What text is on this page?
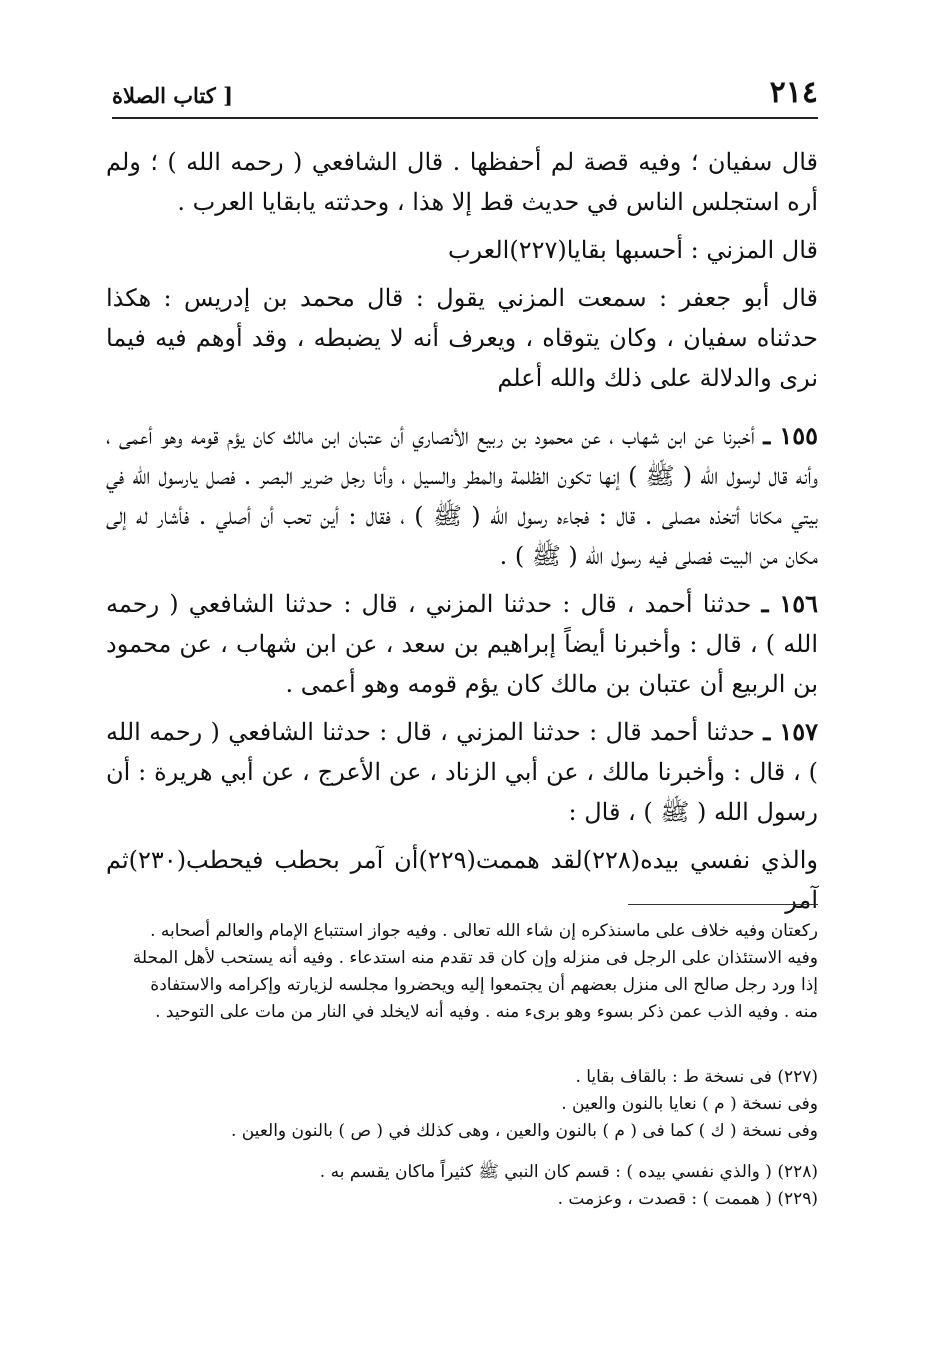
٢١٤
[ كتاب الصلاة

قال سفيان ؛ وفيه قصة لم أحفظها . قال الشافعي ( رحمه الله ) ؛ ولم أره استجلس الناس في حديث قط إلا هذا ، وحدثته يابقايا العرب .

قال المزني : أحسبها بقايا(٢٢٧)العرب

قال أبو جعفر : سمعت المزني يقول : قال محمد بن إدريس : هكذا حدثناه سفيان ، وكان يتوقاه ، ويعرف أنه لا يضبطه ، وقد أوهم فيه فيما نرى والدلالة على ذلك والله أعلم

١٥٥ ـ أخبرنا عن ابن شهاب ، عن محمود بن ربيع الأنصاري أن عتبان ابن مالك كان يؤم قومه وهو أعمى ، وأنه قال لرسول الله ( ﷺ ) إنها تكون الظلمة والمطر والسيل ، وأنا رجل ضرير البصر . فصل يارسول الله في بيتي مكانا أتخذه مصلى . قال : فجاءه رسول الله ( ﷺ ) ، فقال : أين تحب أن أصلي . فأشار له إلى مكان من البيت فصلى فيه رسول الله ( ﷺ ) .

١٥٦ ـ حدثنا أحمد ، قال : حدثنا المزني ، قال : حدثنا الشافعي ( رحمه الله ) ، قال : وأخبرنا أيضاً إبراهيم بن سعد ، عن ابن شهاب ، عن محمود بن الربيع أن عتبان بن مالك كان يؤم قومه وهو أعمى .

١٥٧ ـ حدثنا أحمد قال : حدثنا المزني ، قال : حدثنا الشافعي ( رحمه الله ) ، قال : وأخبرنا مالك ، عن أبي الزناد ، عن الأعرج ، عن أبي هريرة : أن رسول الله ( ﷺ ) ، قال :

والذي نفسي بيده(٢٢٨)لقد هممت(٢٢٩)أن آمر بحطب فيحطب(٢٣٠)ثم آمر

ركعتان وفيه خلاف على ماسنذكره إن شاء الله تعالى . وفيه جواز استتباع الإمام والعالم أصحابه .

وفيه الاستئذان على الرجل فى منزله وإن كان قد تقدم منه استدعاء . وفيه أنه يستحب لأهل المحلة

إذا ورد رجل صالح الى منزل بعضهم أن يجتمعوا إليه ويحضروا مجلسه لزيارته وإكرامه والاستفادة

منه . وفيه الذب عمن ذكر بسوء وهو برىء منه . وفيه أنه لايخلد في النار من مات على التوحيد .

(٢٢٧) فى نسخة ط : بالقاف بقايا .

وفى نسخة ( م ) نعايا بالنون والعين .

وفى نسخة ( ك ) كما فى ( م ) بالنون والعين ، وهى كذلك في ( ص ) بالنون والعين .

(٢٢٨) ( والذي نفسي بيده ) : قسم كان النبي ﷺ كثيراً ماكان يقسم به .

(٢٢٩) ( هممت ) : قصدت ، وعزمت .
